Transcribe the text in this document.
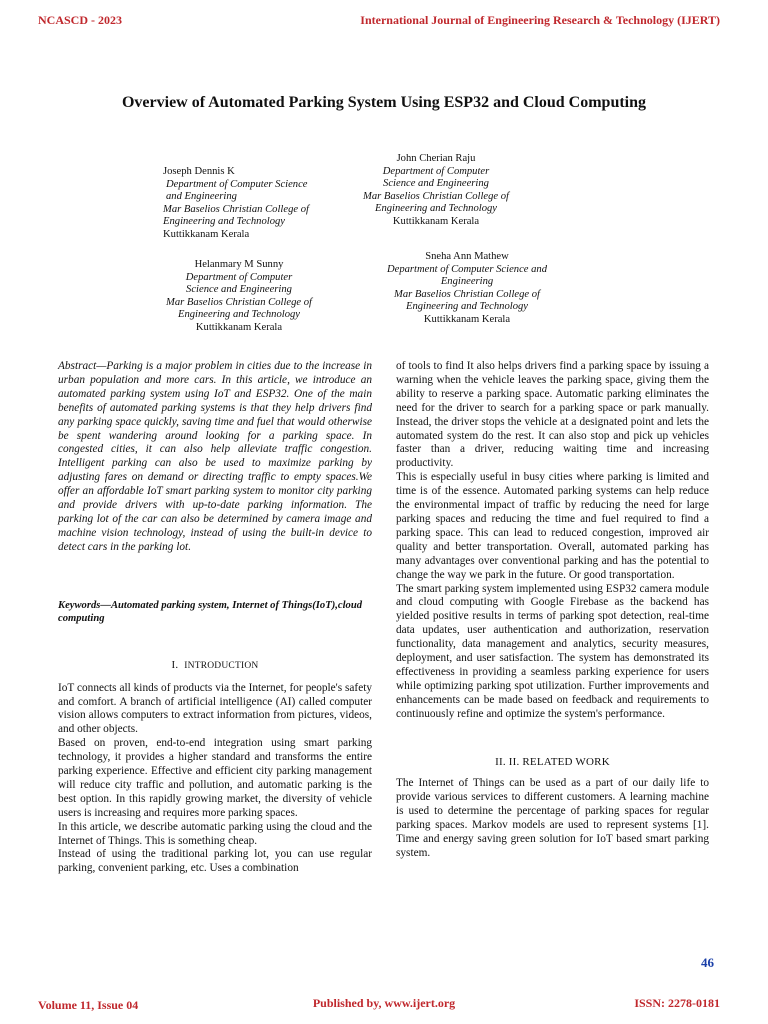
NCASCD - 2023	International Journal of Engineering Research & Technology (IJERT)
Overview of Automated Parking System Using ESP32 and Cloud Computing
Joseph Dennis K
Department of Computer Science and Engineering
Mar Baselios Christian College of Engineering and Technology
Kuttikkanam Kerala
John Cherian Raju
Department of Computer Science and Engineering
Mar Baselios Christian College of Engineering and Technology
Kuttikkanam Kerala
Helanmary M Sunny
Department of Computer Science and Engineering
Mar Baselios Christian College of Engineering and Technology
Kuttikkanam Kerala
Sneha Ann Mathew
Department of Computer Science and Engineering
Mar Baselios Christian College of Engineering and Technology
Kuttikkanam Kerala

Abstract—Parking is a major problem in cities due to the increase in urban population and more cars. In this article, we introduce an automated parking system using IoT and ESP32. One of the main benefits of automated parking systems is that they help drivers find any parking space quickly, saving time and fuel that would otherwise be spent wandering around looking for a parking space. In congested cities, it can also help alleviate traffic congestion. Intelligent parking can also be used to maximize parking by adjusting fares on demand or directing traffic to empty spaces.We offer an affordable IoT smart parking system to monitor city parking and provide drivers with up-to-date parking information. The parking lot of the car can also be determined by camera image and machine vision technology, instead of using the built-in device to detect cars in the parking lot.

Keywords—Automated parking system, Internet of Things(IoT),cloud computing

I. INTRODUCTION

IoT connects all kinds of products via the Internet, for people's safety and comfort. A branch of artificial intelligence (AI) called computer vision allows computers to extract information from pictures, videos, and other objects.

Based on proven, end-to-end integration using smart parking technology, it provides a higher standard and transforms the entire parking experience. Effective and efficient city parking management will reduce city traffic and pollution, and automatic parking is the best option. In this rapidly growing market, the diversity of vehicle users is increasing and requires more parking spaces.

In this article, we describe automatic parking using the cloud and the Internet of Things. This is something cheap.

Instead of using the traditional parking lot, you can use regular parking, convenient parking, etc. Uses a combination

of tools to find It also helps drivers find a parking space by issuing a warning when the vehicle leaves the parking space, giving them the ability to reserve a parking space. Automatic parking eliminates the need for the driver to search for a parking space or park manually. Instead, the driver stops the vehicle at a designated point and lets the automated system do the rest. It can also stop and pick up vehicles faster than a driver, reducing waiting time and increasing productivity.

This is especially useful in busy cities where parking is limited and time is of the essence. Automated parking systems can help reduce the environmental impact of traffic by reducing the need for large parking spaces and reducing the time and fuel required to find a parking space. This can lead to reduced congestion, improved air quality and better transportation. Overall, automated parking has many advantages over conventional parking and has the potential to change the way we park in the future. Or good transportation.

The smart parking system implemented using ESP32 camera module and cloud computing with Google Firebase as the backend has yielded positive results in terms of parking spot detection, real-time data updates, user authentication and authorization, reservation functionality, data management and analytics, security measures, deployment, and user satisfaction. The system has demonstrated its effectiveness in providing a seamless parking experience for users while optimizing parking spot utilization. Further improvements and enhancements can be made based on feedback and requirements to continuously refine and optimize the system's performance.

II. II. RELATED WORK

The Internet of Things can be used as a part of our daily life to provide various services to different customers. A learning machine is used to determine the percentage of parking spaces for regular parking spaces. Markov models are used to represent systems [1]. Time and energy saving green solution for IoT based smart parking system.

46
Volume 11, Issue 04	Published by, www.ijert.org	ISSN: 2278-0181
